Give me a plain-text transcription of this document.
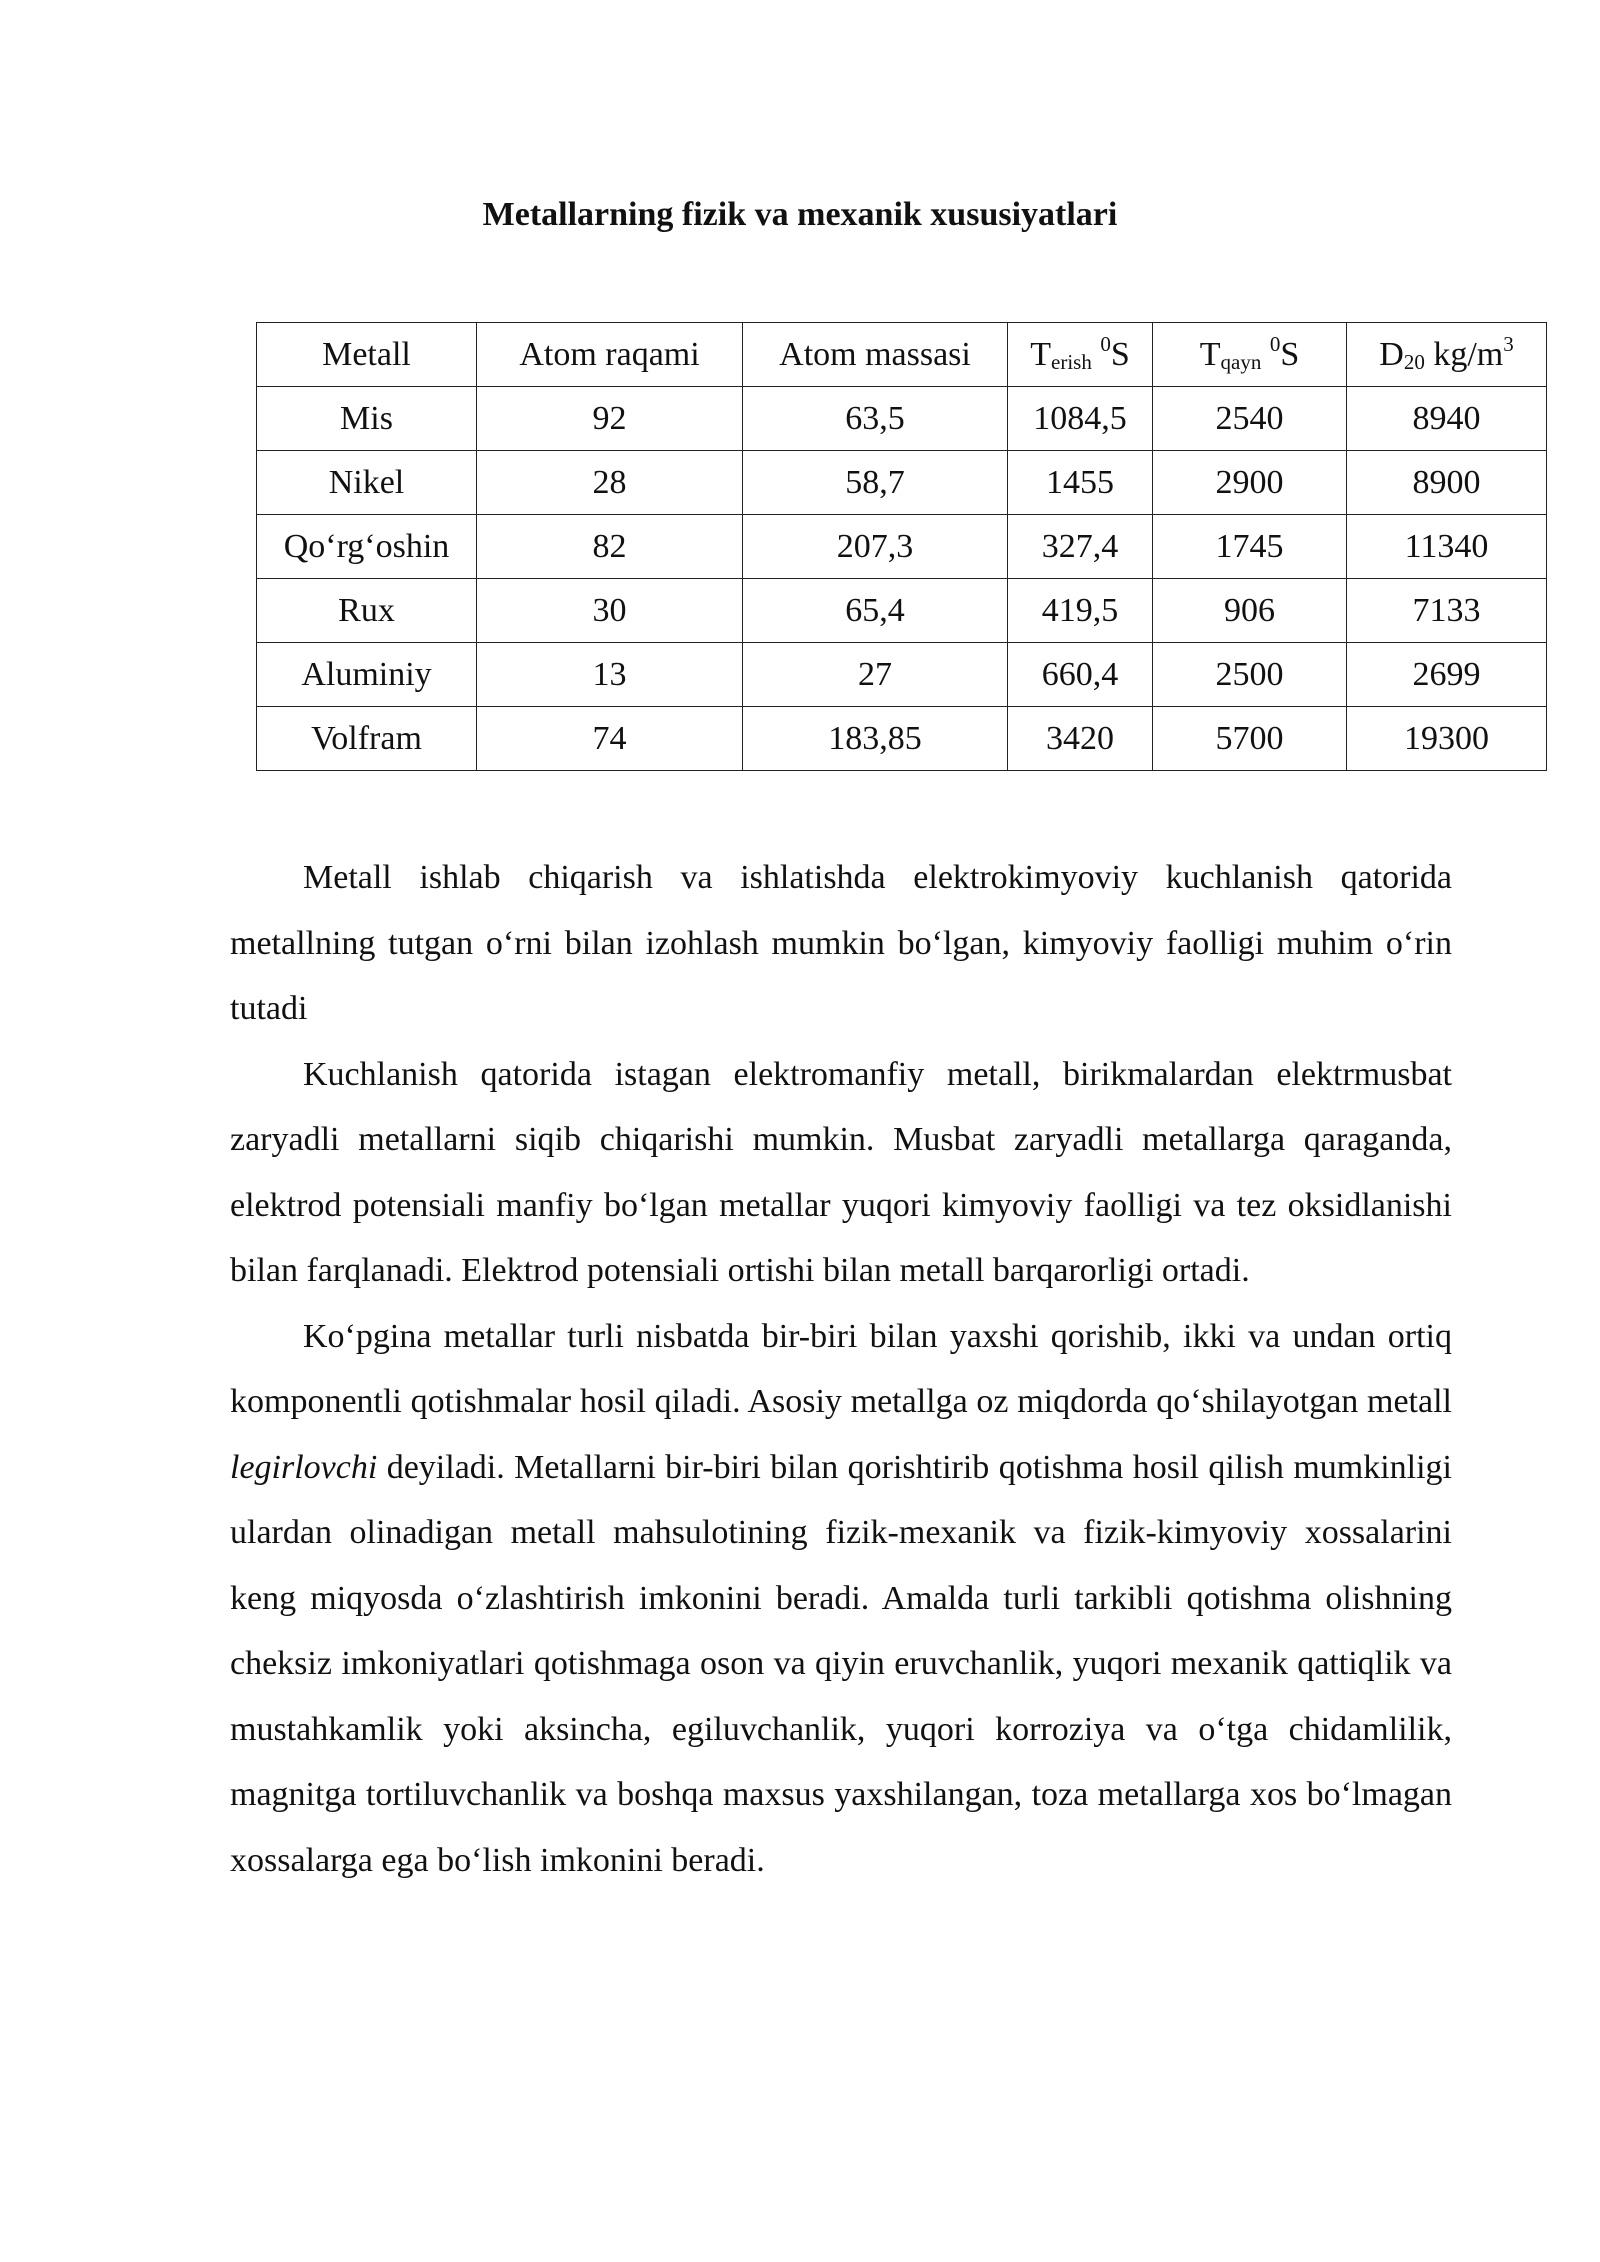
Metallarning fizik va mexanik xususiyatlari
Metall	Atom raqami	Atom massasi	$T_{erish}$ $^0$S	$T_{qayn}$ $^0$S	$D_{20}$ $kg/m^3$
Mis	92	63,5	1084,5	2540	8940
Nikel	28	58,7	1455	2900	8900
Qo‘rg‘oshin	82	207,3	327,4	1745	11340
Rux	30	65,4	419,5	906	7133
Aluminiy	13	27	660,4	2500	2699
Volfram	74	183,85	3420	5700	19300

Metall ishlab chiqarish va ishlatishda elektrokimyoviy kuchlanish qatorida metallning tutgan o‘rni bilan izohlash mumkin bo‘lgan, kimyoviy faolligi muhim o‘rin tutadi

Kuchlanish qatorida istagan elektromanfiy metall, birikmalardan elektrmusbat zaryadli metallarni siqib chiqarishi mumkin. Musbat zaryadli metallarga qaraganda, elektrod potensiali manfiy bo‘lgan metallar yuqori kimyoviy faolligi va tez oksidlanishi bilan farqlanadi. Elektrod potensiali ortishi bilan metall barqarorligi ortadi.

Ko‘pgina metallar turli nisbatda bir-biri bilan yaxshi qorishib, ikki va undan ortiq komponentli qotishmalar hosil qiladi. Asosiy metallga oz miqdorda qo‘shilayotgan metall legirlovchi deyiladi. Metallarni bir-biri bilan qorishtirib qotishma hosil qilish mumkinligi ulardan olinadigan metall mahsulotining fizik-mexanik va fizik-kimyoviy xossalarini keng miqyosda o‘zlashtirish imkonini beradi. Amalda turli tarkibli qotishma olishning cheksiz imkoniyatlari qotishmaga oson va qiyin eruvchanlik, yuqori mexanik qattiqlik va mustahkamlik yoki aksincha, egiluvchanlik, yuqori korroziya va o‘tga chidamlilik, magnitga tortiluvchanlik va boshqa maxsus yaxshilangan, toza metallarga xos bo‘lmagan xossalarga ega bo‘lish imkonini beradi.
